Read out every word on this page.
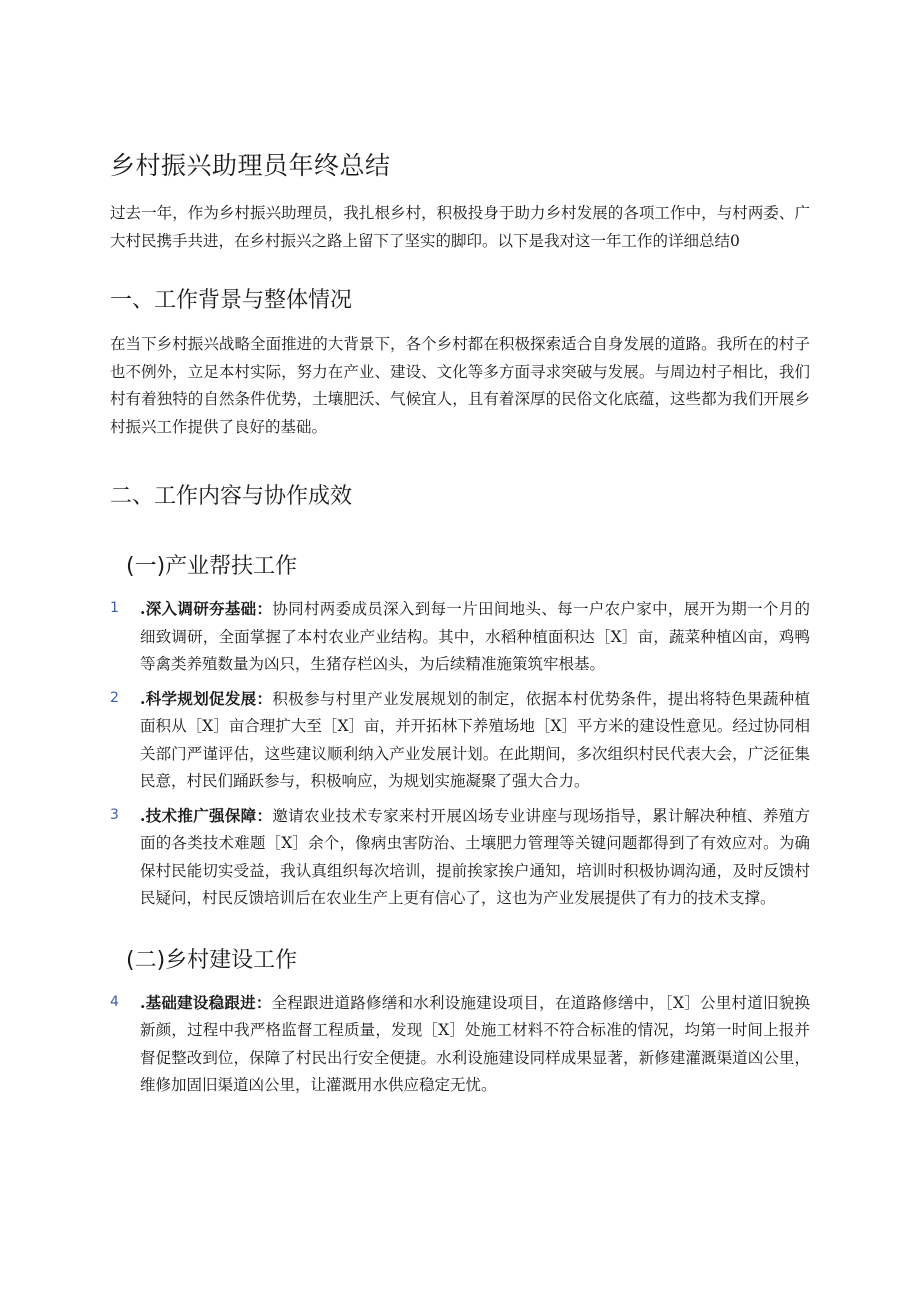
乡村振兴助理员年终总结

过去一年，作为乡村振兴助理员，我扎根乡村，积极投身于助力乡村发展的各项工作中，与村两委、广大村民携手共进，在乡村振兴之路上留下了坚实的脚印。以下是我对这一年工作的详细总结0

一、工作背景与整体情况

在当下乡村振兴战略全面推进的大背景下，各个乡村都在积极探索适合自身发展的道路。我所在的村子也不例外，立足本村实际，努力在产业、建设、文化等多方面寻求突破与发展。与周边村子相比，我们村有着独特的自然条件优势，土壤肥沃、气候宜人，且有着深厚的民俗文化底蕴，这些都为我们开展乡村振兴工作提供了良好的基础。

二、工作内容与协作成效
(一)产业帮扶工作
1 .深入调研夯基础：协同村两委成员深入到每一片田间地头、每一户农户家中，展开为期一个月的细致调研，全面掌握了本村农业产业结构。其中，水稻种植面积达［X］亩，蔬菜种植凶亩，鸡鸭等禽类养殖数量为凶只，生猪存栏凶头，为后续精准施策筑牢根基。
2 .科学规划促发展：积极参与村里产业发展规划的制定，依据本村优势条件，提出将特色果蔬种植面积从［X］亩合理扩大至［X］亩，并开拓林下养殖场地［X］平方米的建设性意见。经过协同相关部门严谨评估，这些建议顺利纳入产业发展计划。在此期间，多次组织村民代表大会，广泛征集民意，村民们踊跃参与，积极响应，为规划实施凝聚了强大合力。
3 .技术推广强保障：邀请农业技术专家来村开展凶场专业讲座与现场指导，累计解决种植、养殖方面的各类技术难题［X］余个，像病虫害防治、土壤肥力管理等关键问题都得到了有效应对。为确保村民能切实受益，我认真组织每次培训，提前挨家挨户通知，培训时积极协调沟通，及时反馈村民疑问，村民反馈培训后在农业生产上更有信心了，这也为产业发展提供了有力的技术支撑。
(二)乡村建设工作
4 .基础建设稳跟进：全程跟进道路修缮和水利设施建设项目，在道路修缮中，［X］公里村道旧貌换新颜，过程中我严格监督工程质量，发现［X］处施工材料不符合标准的情况，均第一时间上报并督促整改到位，保障了村民出行安全便捷。水利设施建设同样成果显著，新修建灌溉渠道凶公里，维修加固旧渠道凶公里，让灌溉用水供应稳定无忧。
